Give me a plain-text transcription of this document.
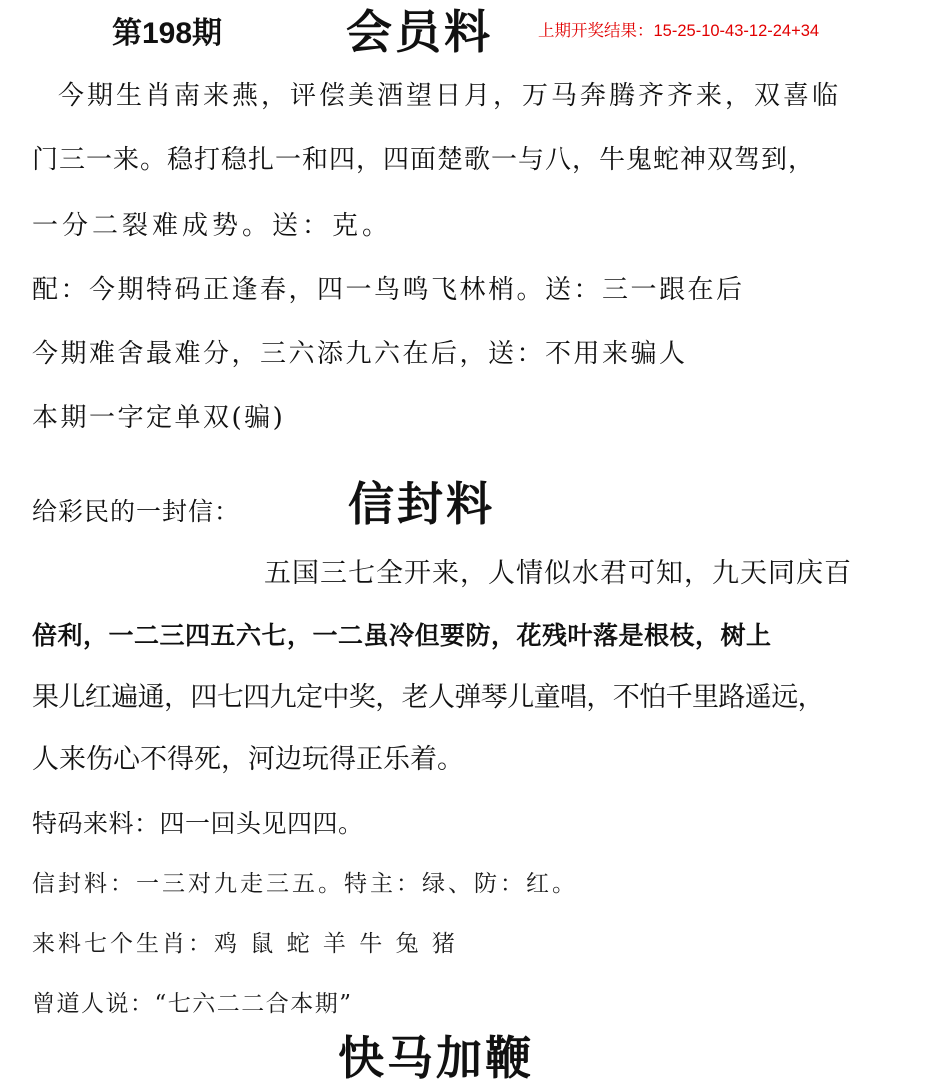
第198期	会员料	上期开奖结果：15-25-10-43-12-24+34
今期生肖南来燕，评偿美酒望日月，万马奔腾齐齐来，双喜临
门三一来。稳打稳扎一和四，四面楚歌一与八，牛鬼蛇神双驾到，
一分二裂难成势。送：克。
配：今期特码正逢春，四一鸟鸣飞林梢。送：三一跟在后
今期难舍最难分，三六添九六在后，送：不用来骗人
本期一字定单双(骗)
给彩民的一封信： 信封料
五国三七全开来，人情似水君可知，九天同庆百
倍利，一二三四五六七，一二虽冷但要防，花残叶落是根枝，树上
果儿红遍通，四七四九定中奖，老人弹琴儿童唱，不怕千里路遥远，
人来伤心不得死，河边玩得正乐着。
特码来料：四一回头见四四。
信封料：一三对九走三五。特主：绿、防：红。
来料七个生肖：鸡 鼠 蛇 羊 牛 兔 猪
曾道人说：“七六二二合本期”
快马加鞭
